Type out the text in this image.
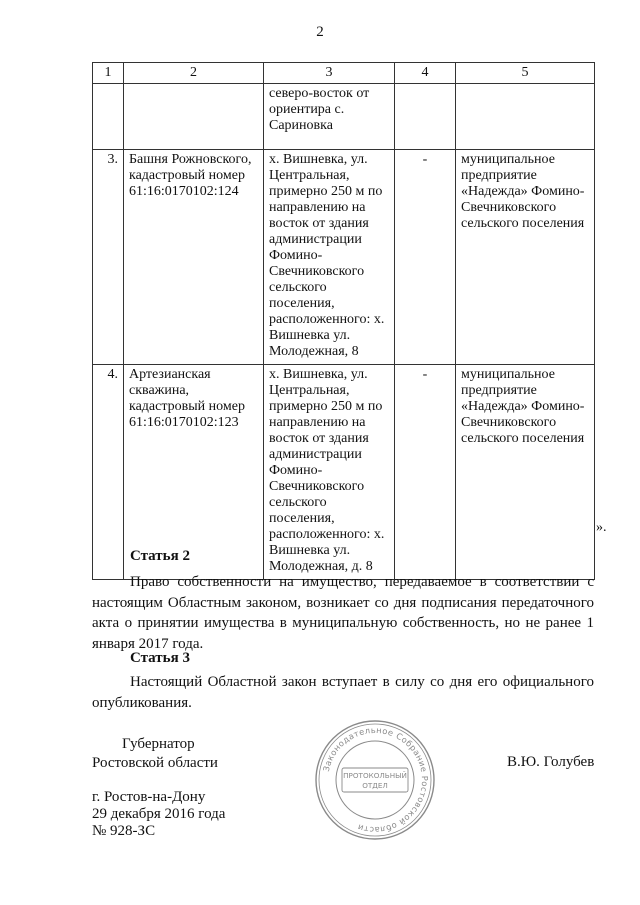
2
1	2	3	4	5
		северо-восток от ориентира с. Сариновка		
3.	Башня Рожновского, кадастровый номер 61:16:0170102:124	х. Вишневка, ул. Центральная, примерно 250 м по направлению на восток от здания администрации Фомино-Свечниковского сельского поселения, расположенного: х. Вишневка ул. Молодежная, 8	-	муниципальное предприятие «Надежда» Фомино-Свечниковского сельского поселения
4.	Артезианская скважина, кадастровый номер 61:16:0170102:123	х. Вишневка, ул. Центральная, примерно 250 м по направлению на восток от здания администрации Фомино-Свечниковского сельского поселения, расположенного: х. Вишневка ул. Молодежная, д. 8	-	муниципальное предприятие «Надежда» Фомино-Свечниковского сельского поселения
».
Статья 2
Право собственности на имущество, передаваемое в соответствии с настоящим Областным законом, возникает со дня подписания передаточного акта о принятии имущества в муниципальную собственность, но не ранее 1 января 2017 года.
Статья 3
Настоящий Областной закон вступает в силу со дня его официального опубликования.
Губернатор
Ростовской области	В.Ю. Голубев
г. Ростов-на-Дону
29 декабря 2016 года
№ 928-ЗС
Законодательное Собрание Ростовской области
ПРОТОКОЛЬНЫЙ
ОТДЕЛ
